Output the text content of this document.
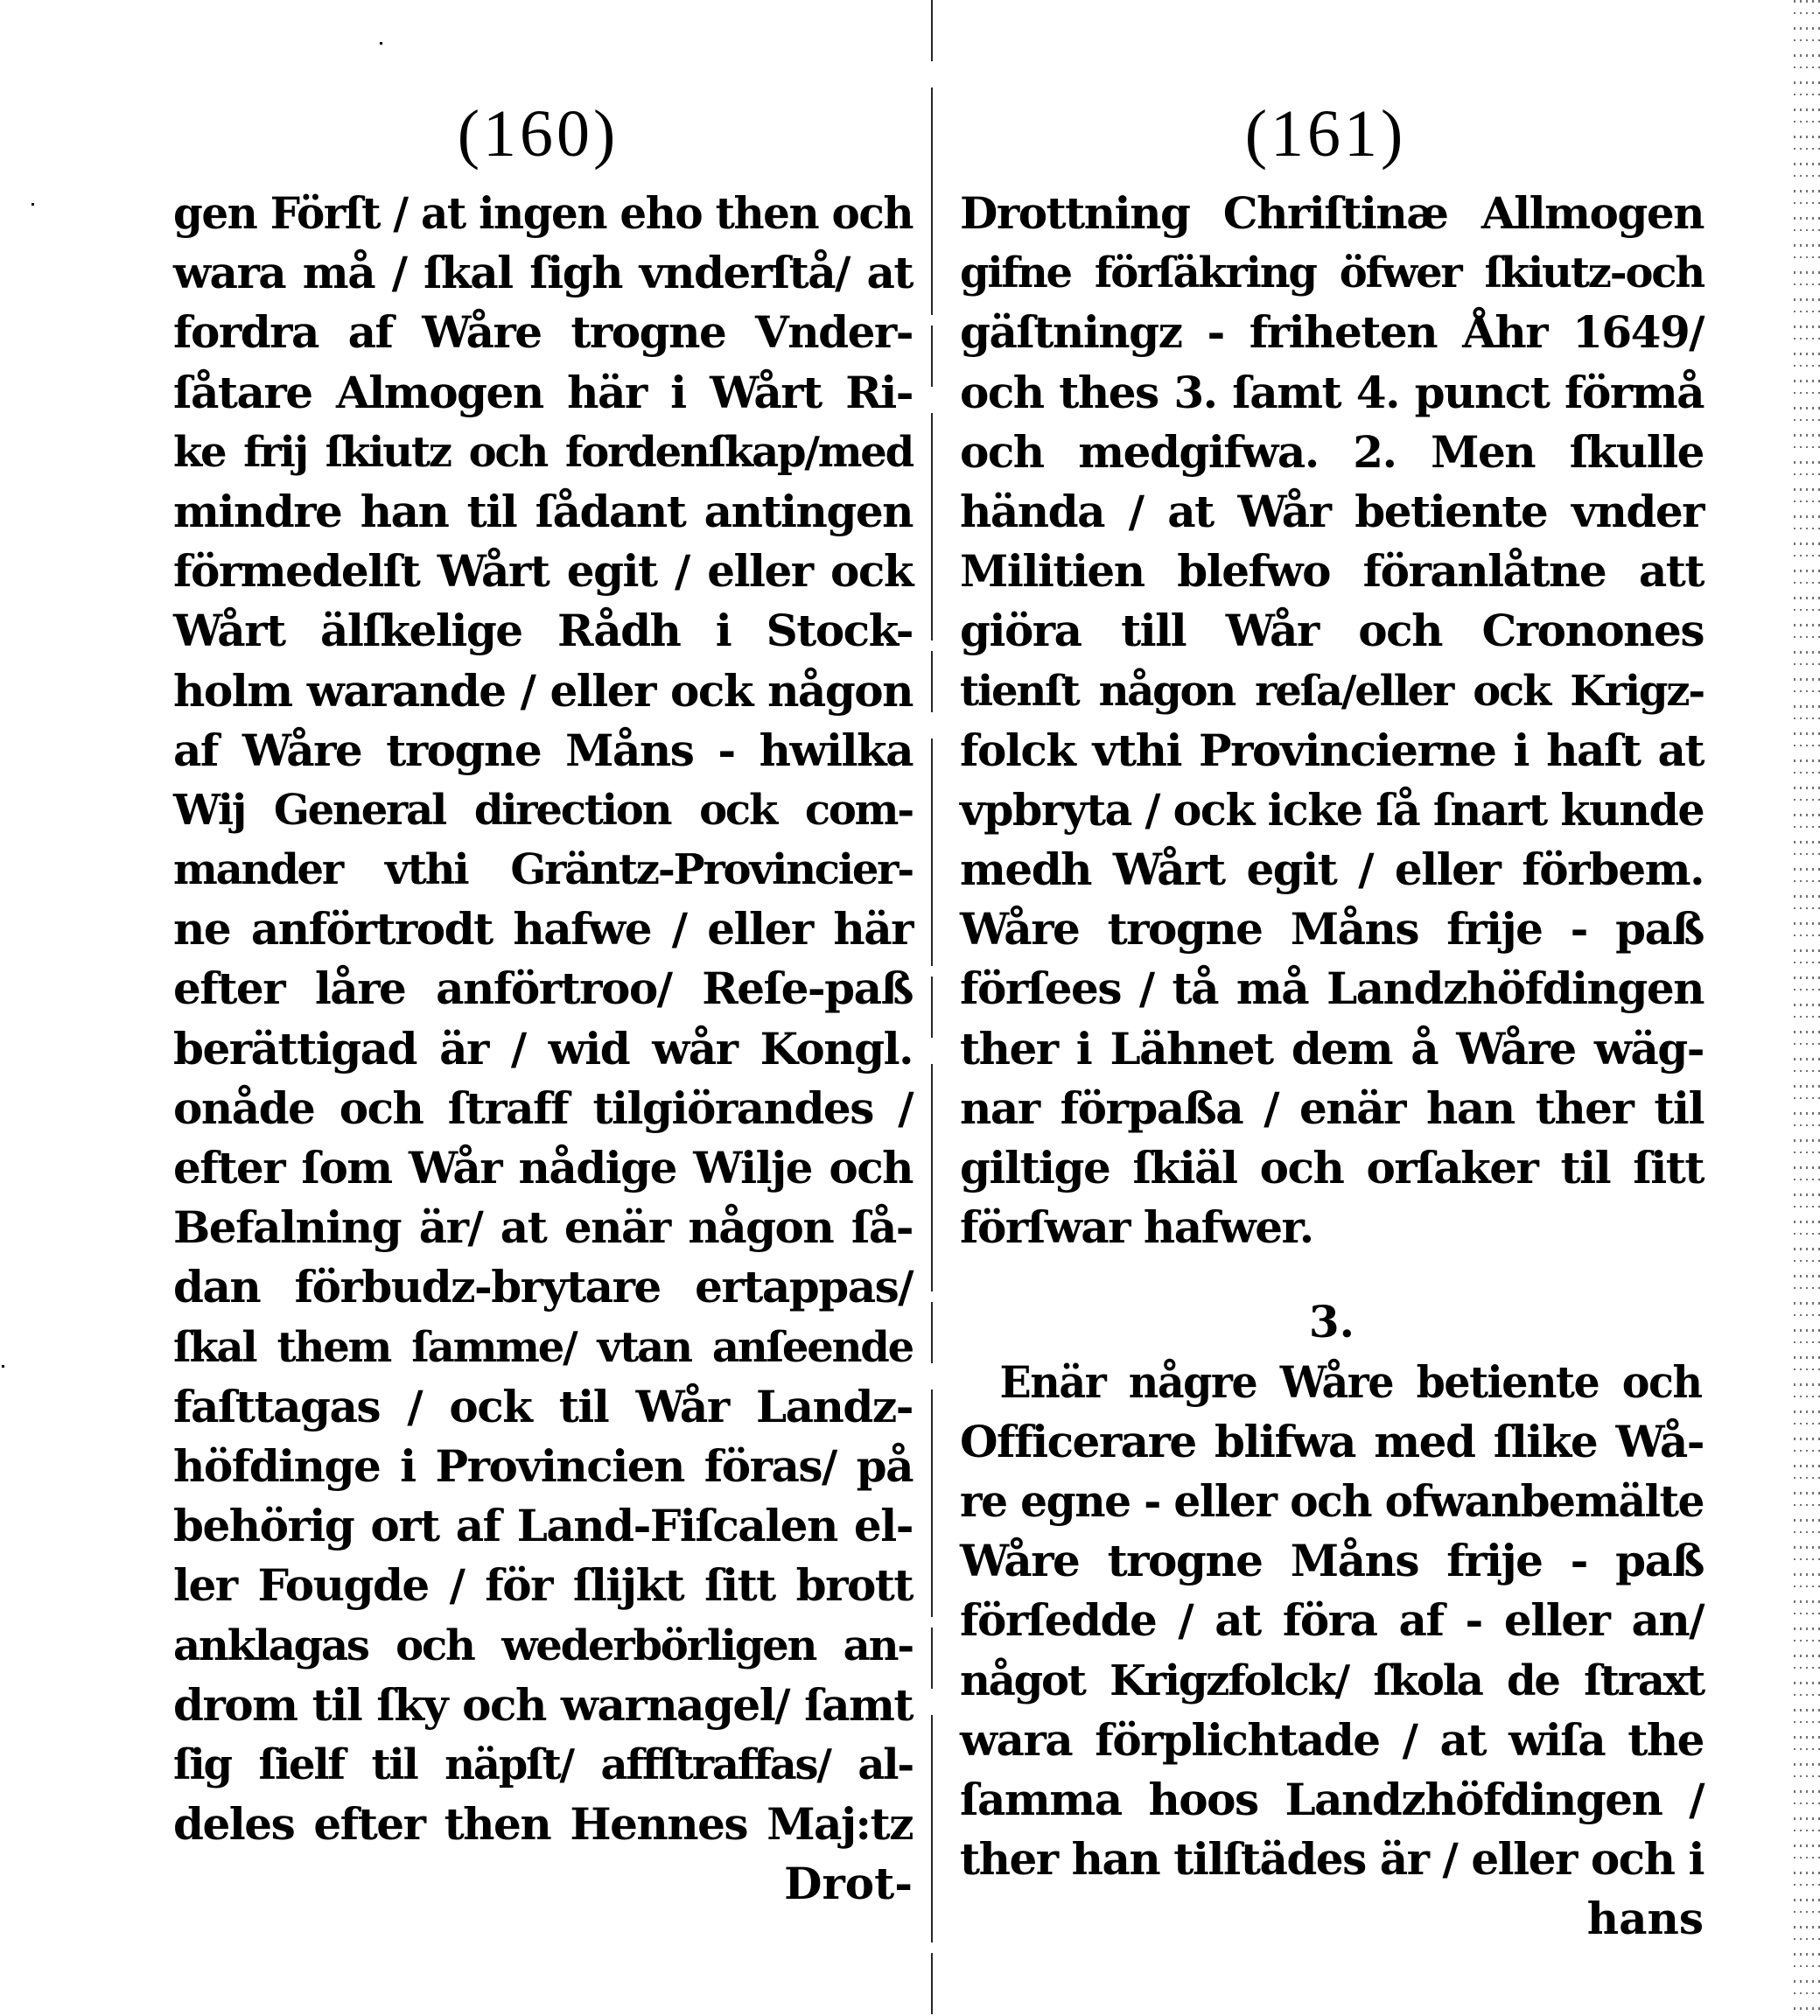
(160)
gen Förſt / at ingen eho then och
wara må / ſkal ſigh vnderſtå/ at
fordra af Wåre trogne Vnder-
ſåtare Almogen här i Wårt Ri-
ke frij ſkiutz och fordenſkap/med
mindre han til ſådant antingen
förmedelſt Wårt egit / eller ock
Wårt älſkelige Rådh i Stock-
holm warande / eller ock någon
af Wåre trogne Måns - hwilka
Wij General direction ock com-
mander vthi Gräntz-Provincier-
ne anförtrodt hafwe / eller här
efter låre anförtroo/ Reſe-paß
berättigad är / wid wår Kongl.
onåde och ſtraff tilgiörandes /
efter ſom Wår nådige Wilje och
Befalning är/ at enär någon ſå-
dan förbudz-brytare ertappas/
ſkal them ſamme/ vtan anſeende
faſttagas / ock til Wår Landz-
höfdinge i Provincien föras/ på
behörig ort af Land-Fiſcalen el-
ler Fougde / för ſlijkt ſitt brott
anklagas och wederbörligen an-
drom til ſky och warnagel/ ſamt
ſig ſielf til näpſt/ affſtraffas/ al-
deles efter then Hennes Maj:tz
Drot-
(161)
Drottning Chriſtinæ Allmogen
gifne förſäkring öfwer ſkiutz-och
gäſtningz - friheten Åhr 1649/
och thes 3. ſamt 4. punct förmå
och medgifwa. 2. Men ſkulle
hända / at Wår betiente vnder
Militien blefwo föranlåtne att
giöra till Wår och Cronones
tienſt någon reſa/eller ock Krigz-
folck vthi Provincierne i haſt at
vpbryta / ock icke ſå ſnart kunde
medh Wårt egit / eller förbem.
Wåre trogne Måns frije - paß
förſees / tå må Landzhöfdingen
ther i Lähnet dem å Wåre wäg-
nar förpaßa / enär han ther til
giltige ſkiäl och orſaker til ſitt
förſwar hafwer.
3.
Enär någre Wåre betiente och
Officerare blifwa med ſlike Wå-
re egne - eller och ofwanbemälte
Wåre trogne Måns frije - paß
förſedde / at föra af - eller an/
något Krigzfolck/ ſkola de ſtraxt
wara förplichtade / at wiſa the
ſamma hoos Landzhöfdingen /
ther han tilſtädes är / eller och i
hans
